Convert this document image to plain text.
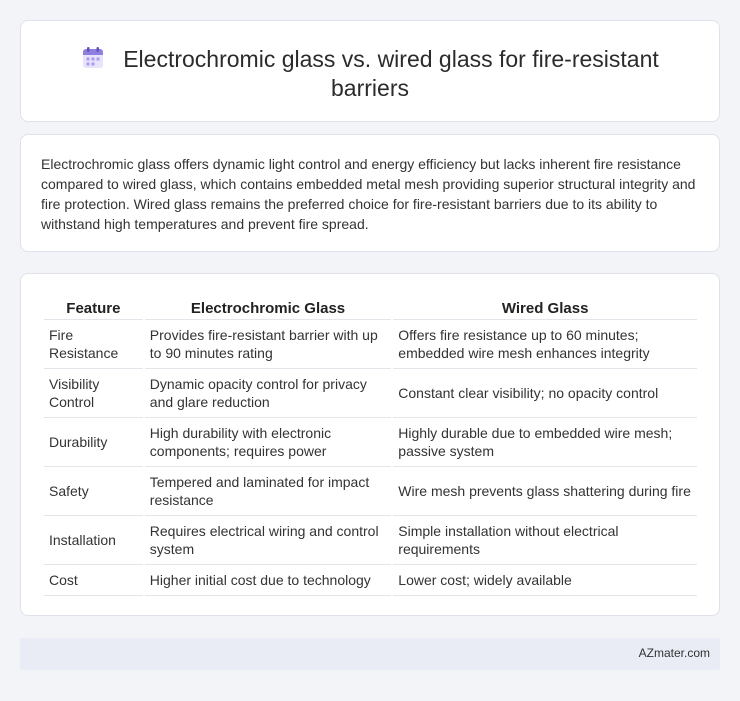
Electrochromic glass vs. wired glass for fire-resistant barriers

Electrochromic glass offers dynamic light control and energy efficiency but lacks inherent fire resistance compared to wired glass, which contains embedded metal mesh providing superior structural integrity and fire protection. Wired glass remains the preferred choice for fire-resistant barriers due to its ability to withstand high temperatures and prevent fire spread.

Feature	Electrochromic Glass	Wired Glass
Fire Resistance	Provides fire-resistant barrier with up to 90 minutes rating	Offers fire resistance up to 60 minutes; embedded wire mesh enhances integrity
Visibility Control	Dynamic opacity control for privacy and glare reduction	Constant clear visibility; no opacity control
Durability	High durability with electronic components; requires power	Highly durable due to embedded wire mesh; passive system
Safety	Tempered and laminated for impact resistance	Wire mesh prevents glass shattering during fire
Installation	Requires electrical wiring and control system	Simple installation without electrical requirements
Cost	Higher initial cost due to technology	Lower cost; widely available
AZmater.com
